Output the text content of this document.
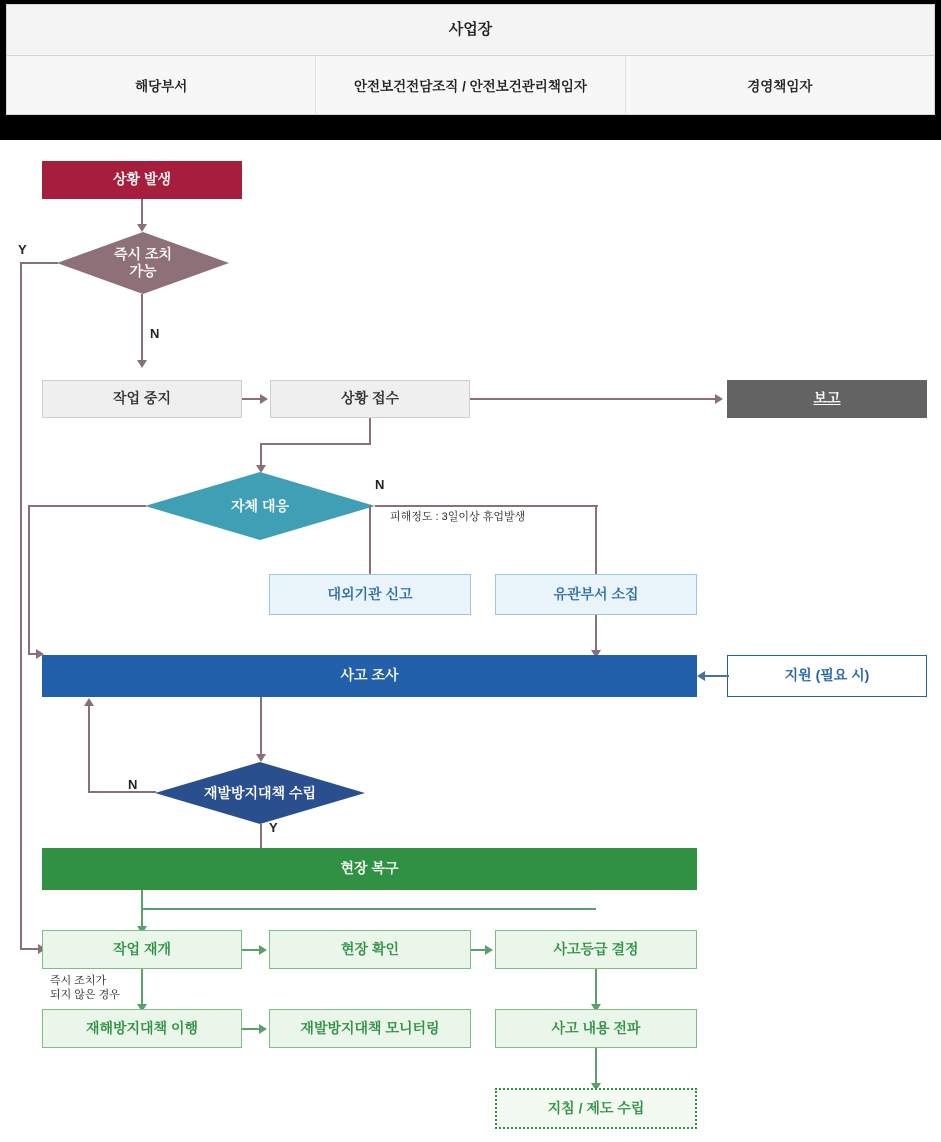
사업장
해당부서	안전보건전담조직 / 안전보건관리책임자	경영책임자
상황 발생
즉시 조치
가능
Y
N
작업 중지	상황 접수	보고
자체 대응
N
피해정도 : 3일이상 휴업발생
대외기관 신고	유관부서 소집
사고 조사	지원 (필요 시)
재발방지대책 수립
N
Y
현장 복구
작업 재개	현장 확인	사고등급 결정
즉시 조치가
되지 않은 경우
재해방지대책 이행	재발방지대책 모니터링	사고 내용 전파
지침 / 제도 수립
